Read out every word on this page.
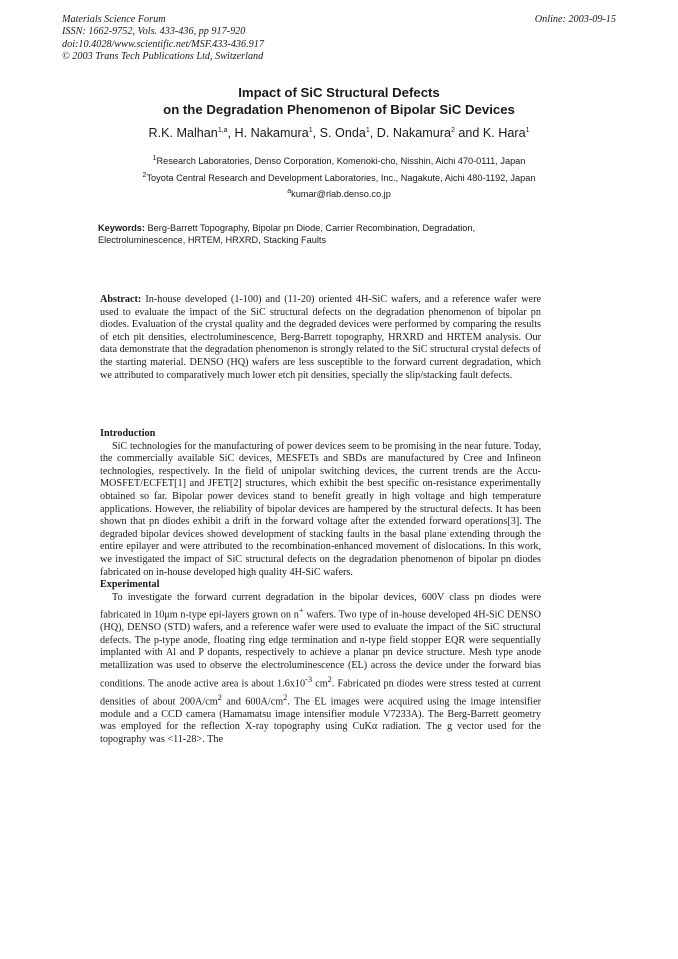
Materials Science Forum
ISSN: 1662-9752, Vols. 433-436, pp 917-920
doi:10.4028/www.scientific.net/MSF.433-436.917
© 2003 Trans Tech Publications Ltd, Switzerland
Online: 2003-09-15
Impact of SiC Structural Defects
on the Degradation Phenomenon of Bipolar SiC Devices
R.K. Malhan$^{1,a}$, H. Nakamura$^1$, S. Onda$^1$, D. Nakamura$^2$ and K. Hara$^1$
$^1$Research Laboratories, Denso Corporation, Komenoki-cho, Nisshin, Aichi 470-0111, Japan
$^2$Toyota Central Research and Development Laboratories, Inc., Nagakute, Aichi 480-1192, Japan
$^a$kumar@rlab.denso.co.jp
Keywords: Berg-Barrett Topography, Bipolar pn Diode, Carrier Recombination, Degradation, Electroluminescence, HRTEM, HRXRD, Stacking Faults

Abstract: In-house developed (1-100) and (11-20) oriented 4H-SiC wafers, and a reference wafer were used to evaluate the impact of the SiC structural defects on the degradation phenomenon of bipolar pn diodes. Evaluation of the crystal quality and the degraded devices were performed by comparing the results of etch pit densities, electroluminescence, Berg-Barrett topography, HRXRD and HRTEM analysis. Our data demonstrate that the degradation phenomenon is strongly related to the SiC structural crystal defects of the starting material. DENSO (HQ) wafers are less susceptible to the forward current degradation, which we attributed to comparatively much lower etch pit densities, specially the slip/stacking fault defects.

Introduction

SiC technologies for the manufacturing of power devices seem to be promising in the near future. Today, the commercially available SiC devices, MESFETs and SBDs are manufactured by Cree and Infineon technologies, respectively. In the field of unipolar switching devices, the current trends are the Accu-MOSFET/ECFET[1] and JFET[2] structures, which exhibit the best specific on-resistance experimentally obtained so far. Bipolar power devices stand to benefit greatly in high voltage and high temperature applications. However, the reliability of bipolar devices are hampered by the structural defects. It has been shown that pn diodes exhibit a drift in the forward voltage after the extended forward operations[3]. The degraded bipolar devices showed development of stacking faults in the basal plane extending through the entire epilayer and were attributed to the recombination-enhanced movement of dislocations. In this work, we investigated the impact of SiC structural defects on the degradation phenomenon of bipolar pn diodes fabricated on in-house developed high quality 4H-SiC wafers.

Experimental

To investigate the forward current degradation in the bipolar devices, 600V class pn diodes were fabricated in 10μm n-type epi-layers grown on n+ wafers. Two type of in-house developed 4H-SiC DENSO (HQ), DENSO (STD) wafers, and a reference wafer were used to evaluate the impact of the SiC structural defects. The p-type anode, floating ring edge termination and n-type field stopper EQR were sequentially implanted with Al and P dopants, respectively to achieve a planar pn device structure. Mesh type anode metallization was used to observe the electroluminescence (EL) across the device under the forward bias conditions. The anode active area is about $1.6x10^{-3}$ $cm^2$. Fabricated pn diodes were stress tested at current densities of about $200A/cm^2$ and $600A/cm^2$. The EL images were acquired using the image intensifier module and a CCD camera (Hamamatsu image intensifier module V7233A). The Berg-Barrett geometry was employed for the reflection X-ray topography using CuKα radiation. The g vector used for the topography was <11-28>. The
